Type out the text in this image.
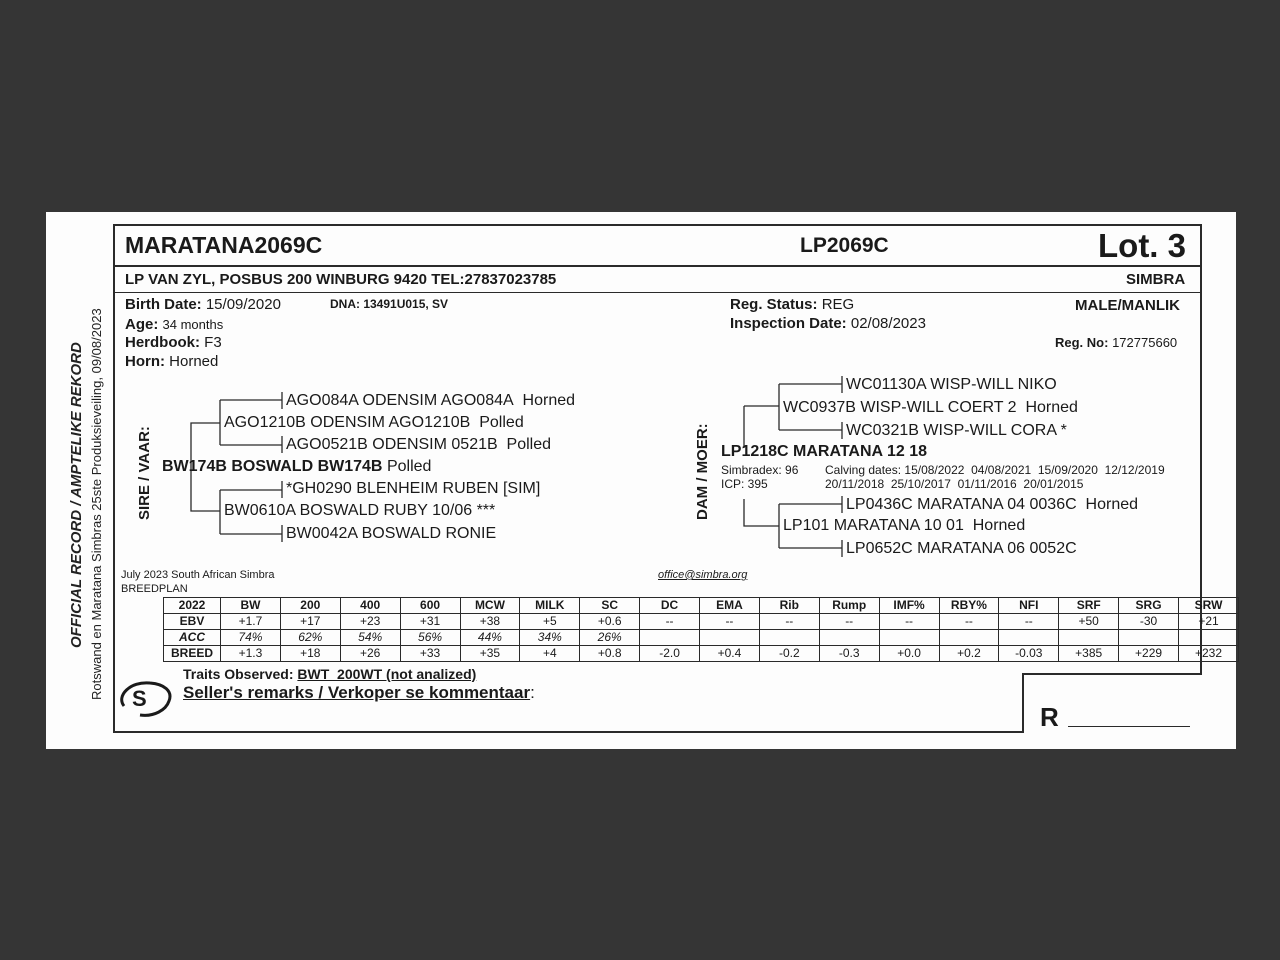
OFFICIAL RECORD / AMPTELIKE REKORD Rotswand en Maratana Simbras 25ste Produksieveiling, 09/08/2023
MARATANA2069C	LP2069C	Lot. 3
LP VAN ZYL, POSBUS 200 WINBURG 9420 TEL:27837023785	SIMBRA
Birth Date: 15/09/2020	DNA: 13491U015, SV
Age: 34 months
Herdbook: F3
Horn: Horned
Reg. Status: REG
Inspection Date: 02/08/2023
MALE/MANLIK
Reg. No: 172775660
SIRE / VAAR:
AGO084A ODENSIM AGO084A Horned
AGO1210B ODENSIM AGO1210B Polled
AGO0521B ODENSIM 0521B Polled
BW174B BOSWALD BW174B Polled
*GH0290 BLENHEIM RUBEN [SIM]
BW0610A BOSWALD RUBY 10/06 ***
BW0042A BOSWALD RONIE
DAM / MOER:
WC01130A WISP-WILL NIKO
WC0937B WISP-WILL COERT 2 Horned
WC0321B WISP-WILL CORA *
LP1218C MARATANA 12 18
Simbradex: 96
ICP: 395
Calving dates: 15/08/2022  04/08/2021  15/09/2020  12/12/2019
20/11/2018  25/10/2017  01/11/2016  20/01/2015
LP0436C MARATANA 04 0036C Horned
LP101 MARATANA 10 01 Horned
LP0652C MARATANA 06 0052C
July 2023 South African Simbra
BREEDPLAN
office@simbra.org
2022	BW	200	400	600	MCW	MILK	SC	DC	EMA	Rib	Rump	IMF%	RBY%	NFI	SRF	SRG	SRW
EBV	+1.7	+17	+23	+31	+38	+5	+0.6	--	--	--	--	--	--	--	+50	-30	+21
ACC	74%	62%	54%	56%	44%	34%	26%										
BREED	+1.3	+18	+26	+33	+35	+4	+0.8	-2.0	+0.4	-0.2	-0.3	+0.0	+0.2	-0.03	+385	+229	+232
Traits Observed: BWT  200WT (not analized)
S Seller's remarks / Verkoper se kommentaar:
R
